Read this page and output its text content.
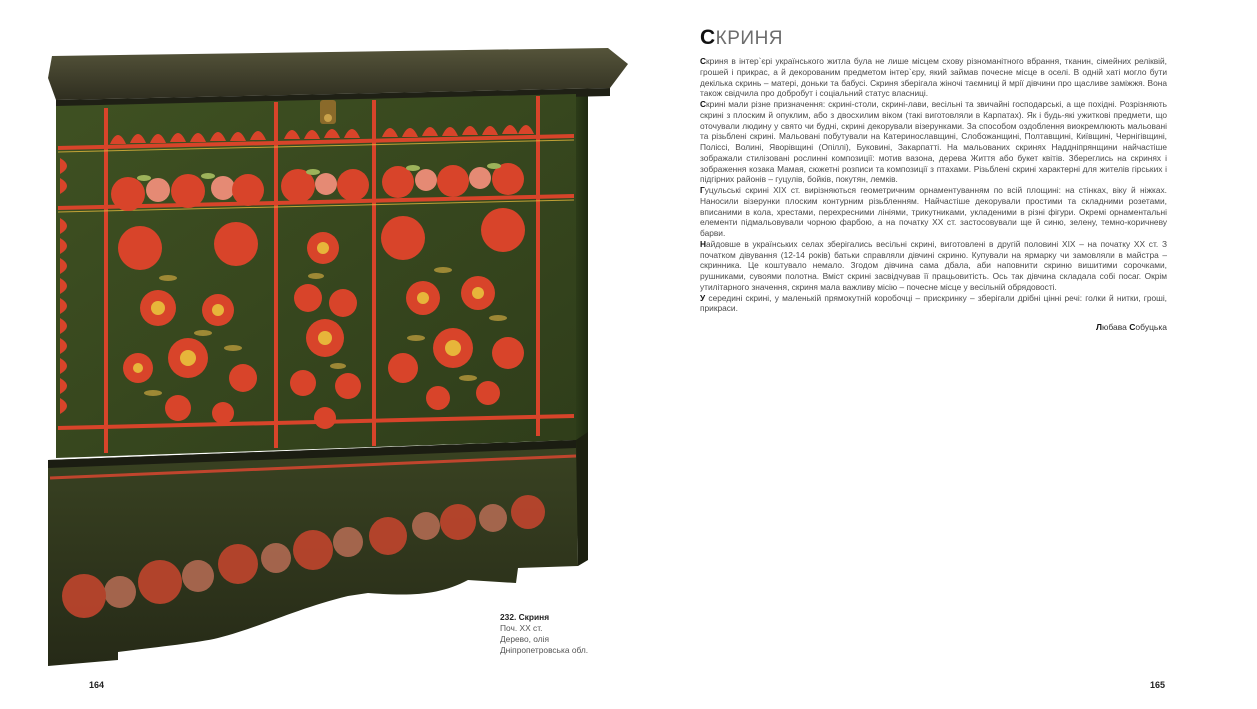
232. Скриня
Поч. XX ст.
Дерево, олія
Дніпропетровська обл.
164
СКРИНЯ

Скриня в інтер`єрі українського житла була не лише місцем схову різноманітного вбрання, тканин, сімейних реліквій, грошей і прикрас, а й декорованим предметом інтер`єру, який займав почесне місце в оселі. В одній хаті могло бути декілька скринь – матері, доньки та бабусі. Скриня зберігала жіночі таємниці й мрії дівчини про щасливе заміжжя. Вона також свідчила про добробут і соціальний статус власниці.

Скрині мали різне призначення: скрині-столи, скрині-лави, весільні та звичайні господарські, а ще похідні. Розрізняють скрині з плоским й опуклим, або з двосхилим віком (такі виготовляли в Карпатах). Як і будь-які ужиткові предмети, що оточували людину у свято чи будні, скрині декорували візерунками. За способом оздоблення виокремлюють мальовані та різьблені скрині. Мальовані побутували на Катеринославщині, Слобожанщині, Полтавщині, Київщині, Чернігівщині, Поліссі, Волині, Яворівщині (Опіллі), Буковині, Закарпатті. На мальованих скринях Наддніпрянщини найчастіше зображали стилізовані рослинні композиції: мотив вазона, дерева Життя або букет квітів. Збереглись на скринях і зображення козака Мамая, сюжетні розписи та композиції з птахами. Різьблені скрині характерні для жителів гірських і підгірних районів – гуцулів, бойків, покутян, лемків.

Гуцульські скрині XIX ст. вирізняються геометричним орнаментуванням по всій площині: на стінках, віку й ніжках. Наносили візерунки плоским контурним різьбленням. Найчастіше декорували простими та складними розетами, вписаними в кола, хрестами, перехресними лініями, трикутниками, укладеними в різні фігури. Окремі орнаментальні елементи підмальовували чорною фарбою, а на початку XX ст. застосовували ще й синю, зелену, темно-коричневу барви.

Найдовше в українських селах зберігались весільні скрині, виготовлені в другій половині XIX – на початку XX ст. З початком дівування (12-14 років) батьки справляли дівчині скриню. Купували на ярмарку чи замовляли в майстра – скринника. Це коштувало немало. Згодом дівчина сама дбала, аби наповнити скриню вишитими сорочками, рушниками, сувоями полотна. Вміст скрині засвідчував її працьовитість. Ось так дівчина складала собі посаг. Окрім утилітарного значення, скриня мала важливу місію – почесне місце у весільній обрядовості.

У середині скрині, у маленькій прямокутній коробочці – прискринку – зберігали дрібні цінні речі: голки й нитки, гроші, прикраси.

Любава Собуцька
165
